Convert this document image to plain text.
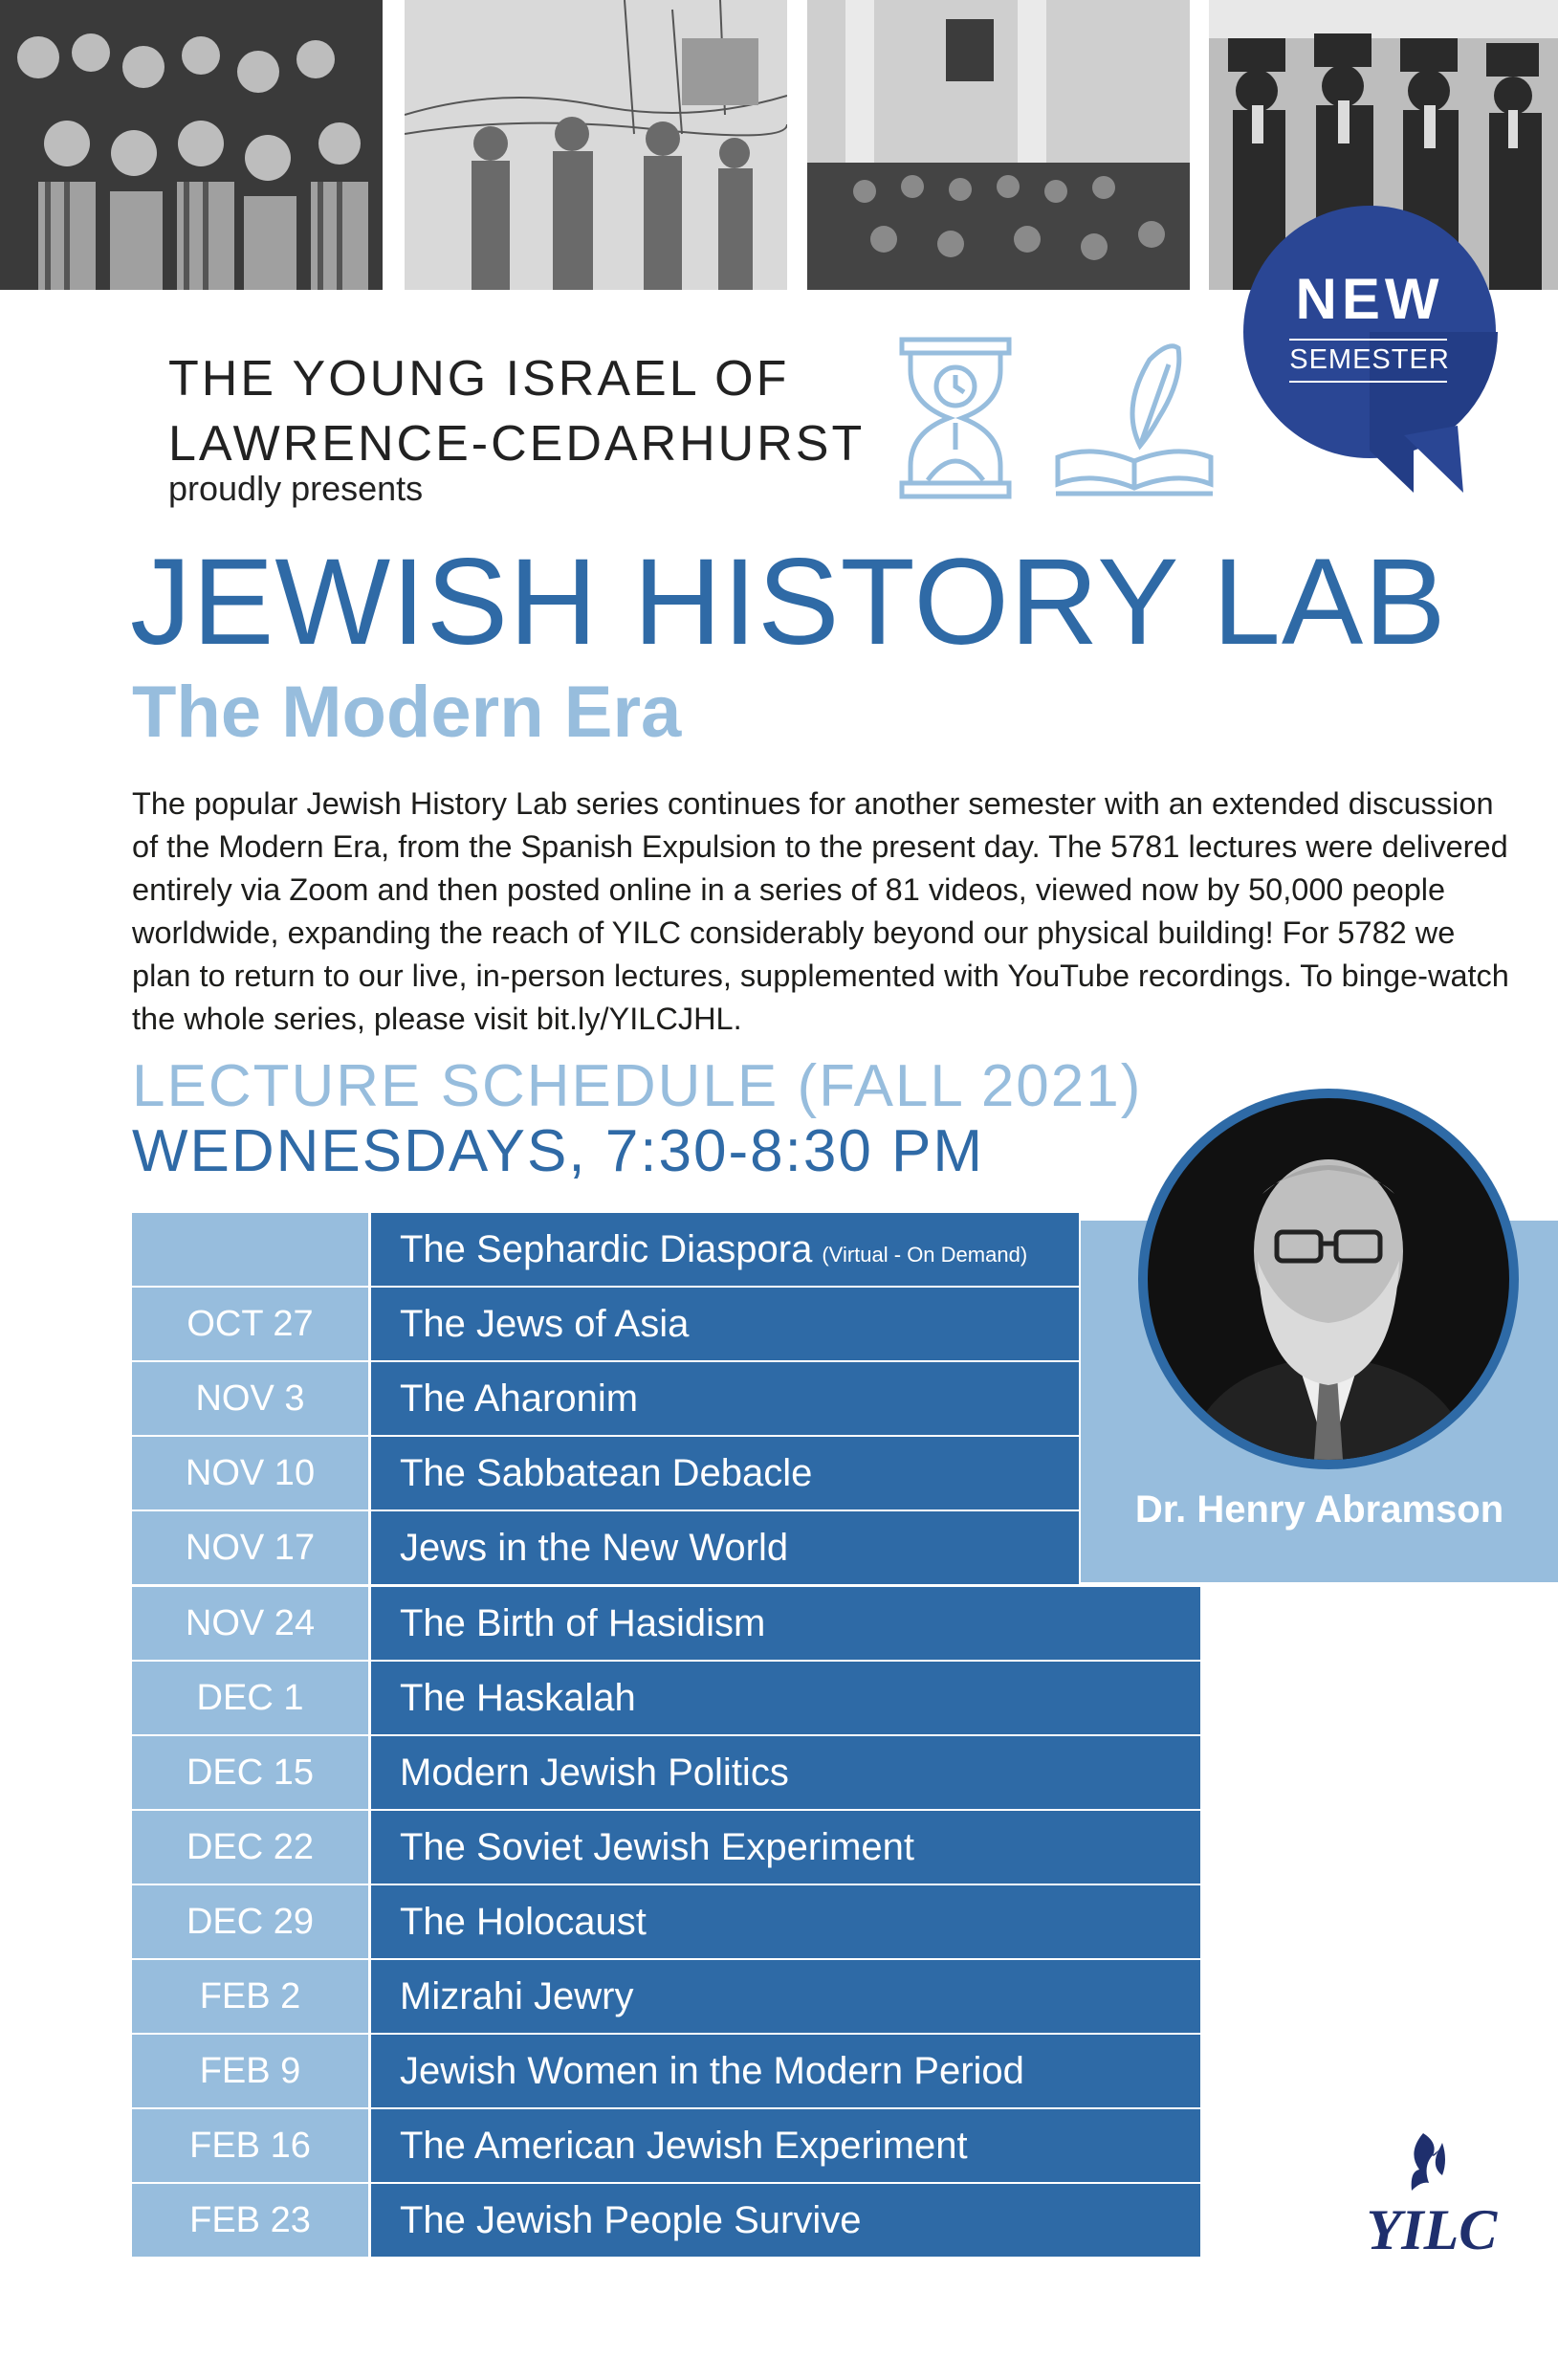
NEW
SEMESTER
THE YOUNG ISRAEL OF
LAWRENCE-CEDARHURST
proudly presents
JEWISH HISTORY LAB
The Modern Era
The popular Jewish History Lab series continues for another semester with an extended discussion of the Modern Era, from the Spanish Expulsion to the present day. The 5781 lectures were delivered entirely via Zoom and then posted online in a series of 81 videos, viewed now by 50,000 people worldwide, expanding the reach of YILC considerably beyond our physical building! For 5782 we plan to return to our live, in-person lectures, supplemented with YouTube recordings. To binge-watch the whole series, please visit bit.ly/YILCJHL.
LECTURE SCHEDULE (FALL 2021)
WEDNESDAYS, 7:30-8:30 PM
Dr. Henry Abramson
The Sephardic Diaspora (Virtual - On Demand)
OCT 27	The Jews of Asia
NOV 3	The Aharonim
NOV 10	The Sabbatean Debacle
NOV 17	Jews in the New World
NOV 24	The Birth of Hasidism
DEC 1	The Haskalah
DEC 15	Modern Jewish Politics
DEC 22	The Soviet Jewish Experiment
DEC 29	The Holocaust
FEB 2	Mizrahi Jewry
FEB 9	Jewish Women in the Modern Period
FEB 16	The American Jewish Experiment
FEB 23	The Jewish People Survive	YILC
